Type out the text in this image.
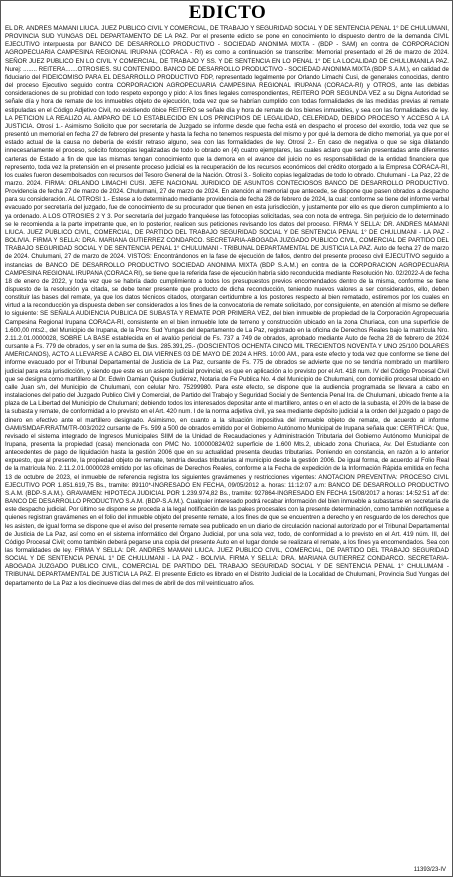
EDICTO

EL DR. ANDRES MAMANI LIUCA. JUEZ PUBLICO CIVIL Y COMERCIAL, DE TRABAJO Y SEGURIDAD SOCIAL Y DE SENTENCIA PENAL 1° DE CHULUMANI, PROVINCIA SUD YUNGAS DEL DEPARTAMENTO DE LA PAZ. Por el presente edicto se pone en conocimiento lo dispuesto dentro de la demanda CIVIL EJECUTIVO interpuesta por BANCO DE DESARROLLO PRODUCTIVO - SOCIEDAD ANONIMA MIXTA - (BDP - SAM) en contra de CORPORACION AGROPECUARIA CAMPESINA REGIONAL IRUPANA (CORACA - RI) es como a continuación se transcribe: Memorial presentado el 26 de marzo de 2024. SEÑOR JUEZ PUBLICO EN LO CIVIL Y COMERCIAL, DE TRABAJO Y SS. Y DE SENTENCIA EN LO PENAL 1° DE LA LOCALIDAD DE CHULUMANILA PAZ. Nurej: ........ REITERA.......OTROSIES. SU CONTENIDO. BANCO DE DESARROLLO PRODUCTIVO - SOCIEDAD ANONIMA MIXTA (BDP S.A.M.), en calidad de fiduciario del FIDEICOMISO PARA EL DESARROLLO PRODUCTIVO FDP, representado legalmente por Orlando Limachi Cusi, de generales conocidas, dentro del proceso Ejecutivo seguido contra CORPORACION AGROPECUARIA CAMPESINA REGIONAL IRUPANA (CORACA-RI) y OTROS, ante las debidas consideraciones de su probidad con todo respeto expongo y pido: A los fines legales correspondientes, REITERO POR SEGUNDA VEZ a su Digna Autoridad se señale día y hora de remate de los inmuebles objeto de ejecución, toda vez que se habrían cumplido con todas formalidades de las medidas previas al remate estipuladas en el Código Adjetivo Civil, no existiendo óbice REITERO se señale día y hora de remate de los bienes inmuebles, y sea con las formalidades de ley. LA PETICION LA REALIZO AL AMPARO DE LO ESTABLECIDO EN LOS PRINCIPIOS DE LEGALIDAD, CELERIDAD, DEBIDO PROCESO Y ACCESO A LA JUSTICIA. Otrosí 1.- Asimismo Solicito que por secretaría de Juzgado se informe desde que fecha está en despacho el proceso del exordio, toda vez que se presentó un memorial en fecha 27 de febrero del presente y hasta la fecha no tenemos respuesta del mismo y por qué la demora de dicho memorial, ya que por el estado actual de la causa no debería de existir retraso alguno, sea con las formalidades de ley. Otrosí 2.- En caso de negativa o que se siga dilatando innecesariamente el proceso, solicito fotocopias legalizadas de todo lo obrado en (4) cuatro ejemplares, las cuales aclaro que serán presentadas ante diferentes carteras de Estado a fin de que las mismas tengan conocimiento que la demora en el avance del juicio no es responsabilidad de la entidad financiera que represento, toda vez la pretensión en el presente proceso judicial es la recuperación de los recursos económicos del crédito otorgado a la Empresa CORACA-RI, los cuales fueron desembolsados con recursos del Tesoro General de la Nación. Otrosí 3.- Solicito copias legalizadas de todo lo obrado. Chulumani - La Paz, 22 de marzo. 2024. FIRMA: ORLANDO LIMACHI CUSI. JEFE NACIONAL JURIDICO DE ASUNTOS CONTECIOSOS BANCO DE DESARROLLO PRODUCTIVO. Providencia de fecha 27 de marzo de 2024. Chulumani, 27 de marzo de 2024. En atención al memorial que antecede, se dispone que pasen obrados a despacho para su consideración. AL OTROSI 1.- Estese a lo determinado mediante providencia de fecha 28 de febrero de 2024, la cual: conforme se tiene del informe verbal evacuado por secretaría del juzgado, fue de conocimiento de su procurador que tienen en esta jurisdicción, y justamente por ello es que dieron cumplimiento a lo ya ordenado. A LOS OTROSIES 2 Y 3. Por secretaría del juzgado franquéese las fotocopias solicitadas, sea con nota de entrega. Sin perjuicio de lo determinado se le recomienda a la parte impetrante que, en lo posterior, realicen sus peticiones revisando los datos del proceso. FIRMA Y SELLA: DR. ANDRES MAMANI LIUCA. JUEZ PUBLICO CIVIL, COMERCIAL, DE PARTIDO DEL TRABAJO SEGURIDAD SOCIAL Y DE SENTENCIA PENAL 1° DE CHULUMANI - LA PAZ - BOLIVIA. FIRMA Y SELLA: DRA. MARIANA GUTIERREZ CONDARCO. SECRETARIA-ABOGADA JUZGADO PUBLICO CIVIL, COMERCIAL DE PARTIDO DEL TRABAJO SEGURIDAD SOCIAL Y DE SENTENCIA PENAL 1° CHULUMANI - TRIBUNAL DEPARTAMENTAL DE JUSTICIA LA PAZ. Auto de fecha 27 de marzo de 2024. Chulumani, 27 de marzo de 2024. VISTOS: Encontrándonos en la fase de ejecución de fallos, dentro del presente proceso civil EJECUTIVO seguido a instancias de BANCO DE DESARROLLO PRODUCTIVO SOCIEDAD ANONIMA MIXTA (BDP S.A.M.) en contra de la CORPORACION AGROPECUARIA CAMPESINA REGIONAL IRUPANA (CORACA RI), se tiene que la referida fase de ejecución habría sido reconducida mediante Resolución No. 02/2022-A de fecha 18 de enero de 2022, y toda vez que se habría dado cumplimiento a todos los presupuestos previos encomendados dentro de la misma, conforme se tiene dispuesto de la resolución ya citada, se debe tener presente que producto de dicha reconducción, teniendo nuevos valores a ser considerados, ello, deben constituir las bases del remate, ya que los datos técnicos citados, otorgaran certidumbre a los postores respecto al bien rematado, estiremos por los cuales en virtud a la reconducción ya dispuesta deben ser considerados a los fines de la convocatoria de remate solicitado, por consiguiente, en atención al mismo se deflere lo siguiente: SE SEÑALA AUDIENCIA PUBLICA DE SUBASTA Y REMATE POR PRIMERA VEZ, del bien inmueble de propiedad de la Corporación Agropecuaria Campesina Regional Irupana CORACA-RI, consistente en el bien inmueble lote de terreno y construcción ubicado en la zona Churiaca, con una superficie de 1.600,00 mts2., del Municipio de Irupana, de la Prov. Sud Yungas del departamento de La Paz, registrado en la oficina de Derechos Reales bajo la matrícula Nro. 2.11.2.01.0000028, SOBRE LA BASE establecida en el avalúo pericial de Fs. 737 a 749 de obrados, aprobado mediante Auto de fecha 28 de febrero de 2024 cursante a Fs. 779 de obrados, y ser en la suma de $us. 285.391,25.- (DOSCIENTOS OCHENTA CINCO MIL TRECIENTOS NOVENTA Y UNO 25/100 DOLARES AMERICANOS), ACTO A LLEVARSE A CABO EL DIA VIERNES 03 DE MAYO DE 2024 A HRS. 10:00 AM., para este efecto y toda vez que conforme se tiene del informe evacuado por el Tribunal Departamental de Justicia de La Paz, cursante de Fs. 775 de obrados se advierte que no se tendría nombrado un martillero judicial para esta jurisdicción, y siendo que este es un asiento judicial provincial, es que en aplicación a lo previsto por el Art. 418 num. IV del Código Procesal Civil que se designa como martillero al Dr. Edwin Damian Quispe Gutiérrez, Notaria de Fe Publica No. 4 del Municipio de Chulumani, con domicilio procesal ubicado en calle Juan s/n, del Municipio de Chulumani, con celular Nro. 75299980. Para este efecto, se dispone que la audiencia programada se llevara a cabo en instalaciones del patio del Juzgado Publico Civil y Comercial, de Partido del Trabajo y Seguridad Social y de Sentencia Penal Ira. de Chulumani, ubicado frente a la plaza de La Libertad del Municipio de Chulumani; debiendo todos los interesados depositar ante el martillero, antes o en el acto de la subasta, el 20% de la base de la subasta y remate, de conformidad a lo previsto en el Art. 420 num. I de la norma adjetiva civil, ya sea mediante depósito judicial a la orden del juzgado o pago de dinero en efectivo ante el martillero designado. Asimismo, en cuanto a la situación impositiva del inmueble objeto de remate, de acuerdo al informe GAMI/SMDAF/RRATM/TR-003/2022 cursante de Fs. 599 a 500 de obrados emitido por el Gobierno Autónomo Municipal de Irupana señala que: CERTIFICA: Que, revisado el sistema integrado de Ingresos Municipales SIIM de la Unidad de Recaudaciones y Administración Tributaria del Gobierno Autónomo Municipal de Irupana, presenta la propiedad (casa) mencionada con PMC No. 100000824/02 superficie de 1.600 Mts.2, ubicado zona Churiaca, Av. Del Estudiante con antecedentes de pago de liquidación hasta la gestión 2006 que en su actualidad presenta deudas tributarias. Poniendo en constancia, en razón a lo anterior expuesto, que al presente, la propiedad objeto de remate, tendría deudas tributarias al municipio desde la gestión 2006. De igual forma, de acuerdo al Folio Real de la matrícula No. 2.11.2.01.0000028 emitido por las oficinas de Derechos Reales, conforme a la Fecha de expedición de la Información Rápida emitida en fecha 13 de octubre de 2023, el inmueble de referencia registra los siguientes gravámenes y restricciones vigentes: ANOTACION PREVENTIVA: PROCESO CIVIL EJECUTIVO POR 1.851.619,75 Bs., tramite: 89110*-INGRESADO EN FECHA, 09/05/2012 a. horas: 11:12:07 a.m: BANCO DE DESARROLLO PRODUCTIVO S.A.M. (BDP-S.A.M.). GRAVAMEN: HIPOTECA JUDICIAL POR 1.239.974,82 Bs., tramite: 927864-INGRESADO EN FECHA 15/08/2017 a horas: 14:52:51 a/f de: BANCO DE DESARROLLO PRODUCTIVO S.A.M. (BDP-S.A.M.). Cualquier interesado podrá recabar información del bien inmueble a subastarse en secretaría de este despacho judicial. Por último se dispone se proceda a la legal notificación de las pakes procesales con la presente determinación, como también notifiquese a quienes registran gravámenes en el folio del inmueble objeto del presente remate, a los fines de que se encuentren a derecho y en resguardo de los derechos que les asisten, de igual forma se dispone que el aviso del presente remate sea publicado en un diario de circulación nacional autorizado por el Tribunal Departamental de Justicia de La Paz, así como en el sistema informático del Órgano Judicial, por una sola vez, todo, de conformidad a lo previsto en el Art. 419 núm. III, del Código Procesal Civil; como también deberá pegarse una copia del presente Auto en el lugar donde se realizara el remate, a los fines ya encomendados. Sea con las formalidades de ley. FIRMA Y SELLA: DR. ANDRES MAMANI LIUCA. JUEZ PUBLICO CIVIL, COMERCIAL, DE PARTIDO DEL TRABAJO SEGURIDAD SOCIAL Y DE SENTENCIA PENAL 1° DE CHULUMANI - LA PAZ - BOLIVIA. FIRMA Y SELLA: DRA. MARIANA GUTIERREZ CONDARCO. SECRETARIA-ABOGADA JUZGADO PUBLICO CIVIL, COMERCIAL DE PARTIDO DEL TRABAJO SEGURIDAD SOCIAL Y DE SENTENCIA PENAL 1° CHULUMANI - TRIBUNAL DEPARTAMENTAL DE JUSTICIA LA PAZ. El presente Edicto es librado en el Distrito Judicial de la Localidad de Chulumani, Provincia Sud Yungas del departamento de La Paz a los diecinueve días del mes de abril de dos mil veinticuatro años.

11393/23-IV
